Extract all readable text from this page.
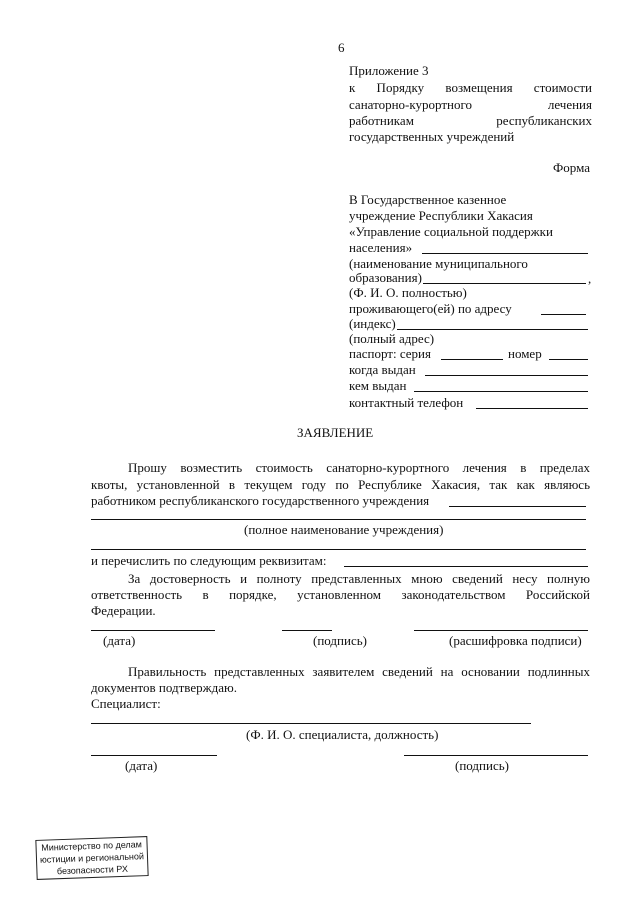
6
Приложение 3
к Порядку возмещения стоимости
санаторно-курортного лечения
работникам республиканских
государственных учреждений
Форма
В Государственное казенное
учреждение Республики Хакасия
«Управление социальной поддержки
населения»
(наименование муниципального
образования)	,
(Ф. И. О. полностью)
проживающего(ей) по адресу
(индекс)
(полный адрес)
паспорт: серия	номер
когда выдан
кем выдан
контактный телефон
ЗАЯВЛЕНИЕ
Прошу возместить стоимость санаторно-курортного лечения в пределах
квоты, установленной в текущем году по Республике Хакасия, так как являюсь
работником республиканского государственного учреждения
(полное наименование учреждения)
и перечислить по следующим реквизитам:
За достоверность и полноту представленных мною сведений несу полную
ответственность в порядке, установленном законодательством Российской
Федерации.
(дата)	(подпись)	(расшифровка подписи)
Правильность представленных заявителем сведений на основании подлинных
документов подтверждаю.
Специалист:
(Ф. И. О. специалиста, должность)
(дата)	(подпись)
Министерство по делам
юстиции и региональной
безопасности РХ
